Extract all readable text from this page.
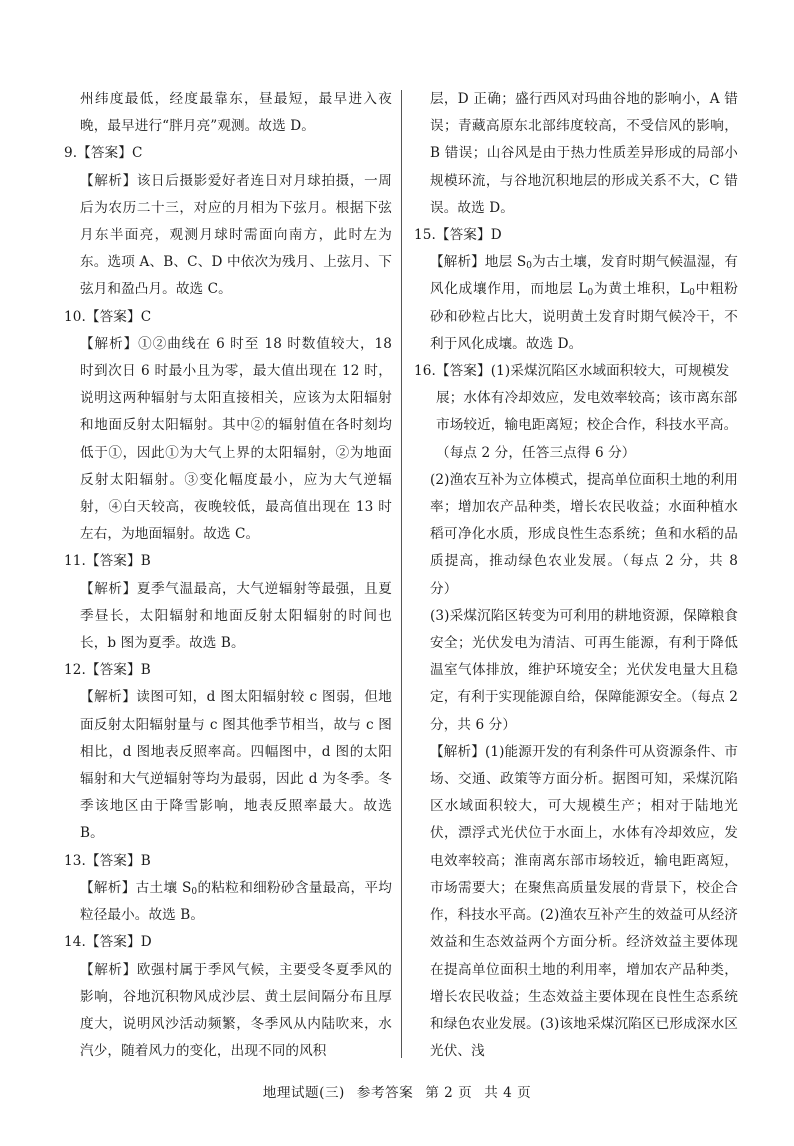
州纬度最低，经度最靠东，昼最短，最早进入夜晚，最早进行“胖月亮”观测。故选 D。

9.【答案】C

【解析】该日后摄影爱好者连日对月球拍摄，一周后为农历二十三，对应的月相为下弦月。根据下弦月东半面亮，观测月球时需面向南方，此时左为东。选项 A、B、C、D 中依次为残月、上弦月、下弦月和盈凸月。故选 C。

10.【答案】C

【解析】①②曲线在 6 时至 18 时数值较大，18 时到次日 6 时最小且为零，最大值出现在 12 时，说明这两种辐射与太阳直接相关，应该为太阳辐射和地面反射太阳辐射。其中②的辐射值在各时刻均低于①，因此①为大气上界的太阳辐射，②为地面反射太阳辐射。③变化幅度最小，应为大气逆辐射，④白天较高，夜晚较低，最高值出现在 13 时左右，为地面辐射。故选 C。

11.【答案】B

【解析】夏季气温最高，大气逆辐射等最强，且夏季昼长，太阳辐射和地面反射太阳辐射的时间也长，b 图为夏季。故选 B。

12.【答案】B

【解析】读图可知，d 图太阳辐射较 c 图弱，但地面反射太阳辐射量与 c 图其他季节相当，故与 c 图相比，d 图地表反照率高。四幅图中，d 图的太阳辐射和大气逆辐射等均为最弱，因此 d 为冬季。冬季该地区由于降雪影响，地表反照率最大。故选 B。

13.【答案】B

【解析】古土壤 $S_0$的粘粒和细粉砂含量最高，平均粒径最小。故选 B。

14.【答案】D

【解析】欧强村属于季风气候，主要受冬夏季风的影响，谷地沉积物风成沙层、黄土层间隔分布且厚度大，说明风沙活动频繁，冬季风从内陆吹来，水汽少，随着风力的变化，出现不同的风积

层，D 正确；盛行西风对玛曲谷地的影响小，A 错误；青藏高原东北部纬度较高，不受信风的影响，B 错误；山谷风是由于热力性质差异形成的局部小规模环流，与谷地沉积地层的形成关系不大，C 错误。故选 D。

15.【答案】D

【解析】地层 $S_0$为古土壤，发育时期气候温湿，有风化成壤作用，而地层 $L_0$为黄土堆积，$L_0$中粗粉砂和砂粒占比大，说明黄土发育时期气候冷干，不利于风化成壤。故选 D。

16.【答案】(1)采煤沉陷区水域面积较大，可规模发展；水体有冷却效应，发电效率较高；该市离东部市场较近，输电距离短；校企合作，科技水平高。（每点 2 分，任答三点得 6 分）

(2)渔农互补为立体模式，提高单位面积土地的利用率；增加农产品种类，增长农民收益；水面种植水稻可净化水质，形成良性生态系统；鱼和水稻的品质提高，推动绿色农业发展。（每点 2 分，共 8 分）

(3)采煤沉陷区转变为可利用的耕地资源，保障粮食安全；光伏发电为清洁、可再生能源，有利于降低温室气体排放，维护环境安全；光伏发电量大且稳定，有利于实现能源自给，保障能源安全。（每点 2 分，共 6 分）

【解析】(1)能源开发的有利条件可从资源条件、市场、交通、政策等方面分析。据图可知，采煤沉陷区水域面积较大，可大规模生产；相对于陆地光伏，漂浮式光伏位于水面上，水体有冷却效应，发电效率较高；淮南离东部市场较近，输电距离短，市场需要大；在聚焦高质量发展的背景下，校企合作，科技水平高。(2)渔农互补产生的效益可从经济效益和生态效益两个方面分析。经济效益主要体现在提高单位面积土地的利用率，增加农产品种类，增长农民收益；生态效益主要体现在良性生态系统和绿色农业发展。(3)该地采煤沉陷区已形成深水区光伏、浅

地理试题(三) 参考答案 第 2 页 共 4 页
